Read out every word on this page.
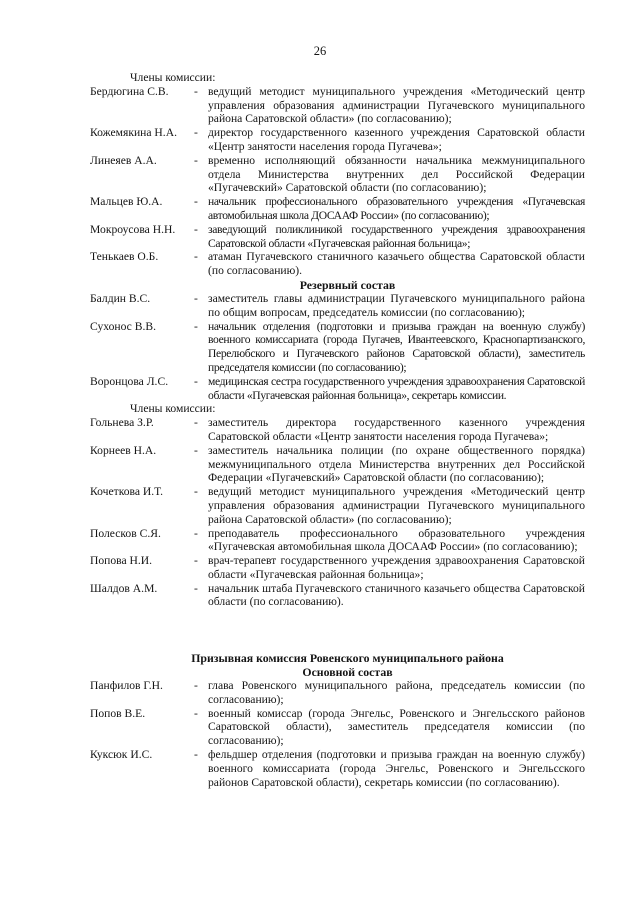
26
Члены комиссии:
Бердюгина С.В.	- ведущий методист муниципального учреждения «Методический центр управления образования администрации Пугачевского муниципального района Саратовской области» (по согласованию);
Кожемякина Н.А.	- директор государственного казенного учреждения Саратовской области «Центр занятости населения города Пугачева»;
Линеяев А.А.	- временно исполняющий обязанности начальника межмуниципального отдела Министерства внутренних дел Российской Федерации «Пугачевский» Саратовской области (по согласованию);
Мальцев Ю.А.	- начальник профессионального образовательного учреждения «Пугачевская автомобильная школа ДОСААФ России» (по согласованию);
Мокроусова Н.Н.	- заведующий поликлиникой государственного учреждения здравоохранения Саратовской области «Пугачевская районная больница»;
Тенькаев О.Б.	- атаман Пугачевского станичного казачьего общества Саратовской области (по согласованию).
Резервный состав
Балдин В.С.	- заместитель главы администрации Пугачевского муниципального района по общим вопросам, председатель комиссии (по согласованию);
Сухонос В.В.	- начальник отделения (подготовки и призыва граждан на военную службу) военного комиссариата (города Пугачев, Ивантеевского, Краснопартизанского, Перелюбского и Пугачевского районов Саратовской области), заместитель председателя комиссии (по согласованию);
Воронцова Л.С.	- медицинская сестра государственного учреждения здравоохранения Саратовской области «Пугачевская районная больница», секретарь комиссии.
Члены комиссии:
Гольнева З.Р.	- заместитель директора государственного казенного учреждения Саратовской области «Центр занятости населения города Пугачева»;
Корнеев Н.А.	- заместитель начальника полиции (по охране общественного порядка) межмуниципального отдела Министерства внутренних дел Российской Федерации «Пугачевский» Саратовской области (по согласованию);
Кочеткова И.Т.	- ведущий методист муниципального учреждения «Методический центр управления образования администрации Пугачевского муниципального района Саратовской области» (по согласованию);
Полесков С.Я.	- преподаватель профессионального образовательного учреждения «Пугачевская автомобильная школа ДОСААФ России» (по согласованию);
Попова Н.И.	- врач-терапевт государственного учреждения здравоохранения Саратовской области «Пугачевская районная больница»;
Шалдов А.М.	- начальник штаба Пугачевского станичного казачьего общества Саратовской области (по согласованию).
Призывная комиссия Ровенского муниципального района
Основной состав
Панфилов Г.Н.	- глава Ровенского муниципального района, председатель комиссии (по согласованию);
Попов В.Е.	- военный комиссар (города Энгельс, Ровенского и Энгельсского районов Саратовской области), заместитель председателя комиссии (по согласованию);
Куксюк И.С.	- фельдшер отделения (подготовки и призыва граждан на военную службу) военного комиссариата (города Энгельс, Ровенского и Энгельсского районов Саратовской области), секретарь комиссии (по согласованию).
